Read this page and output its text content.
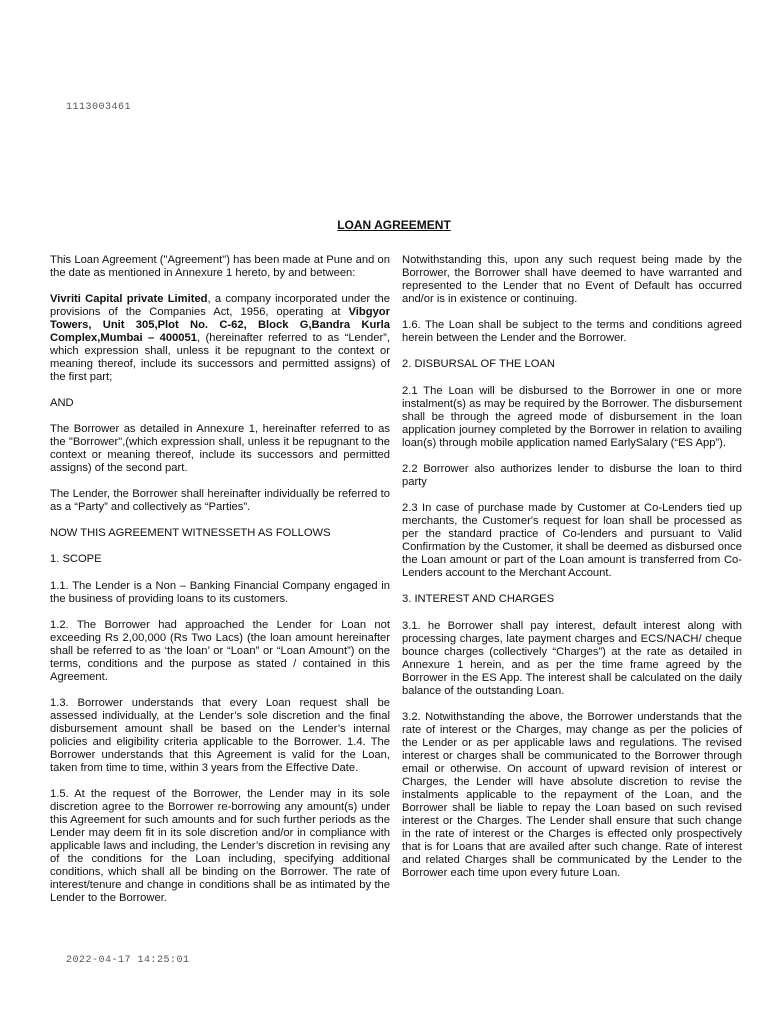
1113003461
LOAN AGREEMENT

This Loan Agreement ("Agreement") has been made at Pune and on the date as mentioned in Annexure 1 hereto, by and between:

Vivriti Capital private Limited, a company incorporated under the provisions of the Companies Act, 1956, operating at Vibgyor Towers, Unit 305,Plot No. C-62, Block G,Bandra Kurla Complex,Mumbai – 400051, (hereinafter referred to as “Lender”, which expression shall, unless it be repugnant to the context or meaning thereof, include its successors and permitted assigns) of the first part;

AND

The Borrower as detailed in Annexure 1, hereinafter referred to as the "Borrower",(which expression shall, unless it be repugnant to the context or meaning thereof, include its successors and permitted assigns) of the second part.

The Lender, the Borrower shall hereinafter individually be referred to as a “Party” and collectively as “Parties”.

NOW THIS AGREEMENT WITNESSETH AS FOLLOWS

1. SCOPE

1.1. The Lender is a Non – Banking Financial Company engaged in the business of providing loans to its customers.

1.2. The Borrower had approached the Lender for Loan not exceeding Rs 2,00,000 (Rs Two Lacs) (the loan amount hereinafter shall be referred to as ‘the loan’ or “Loan” or “Loan Amount”) on the terms, conditions and the purpose as stated / contained in this Agreement.

1.3. Borrower understands that every Loan request shall be assessed individually, at the Lender’s sole discretion and the final disbursement amount shall be based on the Lender’s internal policies and eligibility criteria applicable to the Borrower. 1.4. The Borrower understands that this Agreement is valid for the Loan, taken from time to time, within 3 years from the Effective Date.

1.5. At the request of the Borrower, the Lender may in its sole discretion agree to the Borrower re-borrowing any amount(s) under this Agreement for such amounts and for such further periods as the Lender may deem fit in its sole discretion and/or in compliance with applicable laws and including, the Lender’s discretion in revising any of the conditions for the Loan including, specifying additional conditions, which shall all be binding on the Borrower. The rate of interest/tenure and change in conditions shall be as intimated by the Lender to the Borrower.

Notwithstanding this, upon any such request being made by the Borrower, the Borrower shall have deemed to have warranted and represented to the Lender that no Event of Default has occurred and/or is in existence or continuing.

1.6. The Loan shall be subject to the terms and conditions agreed herein between the Lender and the Borrower.

2. DISBURSAL OF THE LOAN

2.1 The Loan will be disbursed to the Borrower in one or more instalment(s) as may be required by the Borrower. The disbursement shall be through the agreed mode of disbursement in the loan application journey completed by the Borrower in relation to availing loan(s) through mobile application named EarlySalary (“ES App”).

2.2 Borrower also authorizes lender to disburse the loan to third party

2.3 In case of purchase made by Customer at Co-Lenders tied up merchants, the Customer's request for loan shall be processed as per the standard practice of Co-lenders and pursuant to Valid Confirmation by the Customer, it shall be deemed as disbursed once the Loan amount or part of the Loan amount is transferred from Co-Lenders account to the Merchant Account.

3. INTEREST AND CHARGES

3.1. he Borrower shall pay interest, default interest along with processing charges, late payment charges and ECS/NACH/ cheque bounce charges (collectively “Charges”) at the rate as detailed in Annexure 1 herein, and as per the time frame agreed by the Borrower in the ES App. The interest shall be calculated on the daily balance of the outstanding Loan.

3.2. Notwithstanding the above, the Borrower understands that the rate of interest or the Charges, may change as per the policies of the Lender or as per applicable laws and regulations. The revised interest or charges shall be communicated to the Borrower through email or otherwise. On account of upward revision of interest or Charges, the Lender will have absolute discretion to revise the instalments applicable to the repayment of the Loan, and the Borrower shall be liable to repay the Loan based on such revised interest or the Charges. The Lender shall ensure that such change in the rate of interest or the Charges is effected only prospectively that is for Loans that are availed after such change. Rate of interest and related Charges shall be communicated by the Lender to the Borrower each time upon every future Loan.

2022-04-17 14:25:01
